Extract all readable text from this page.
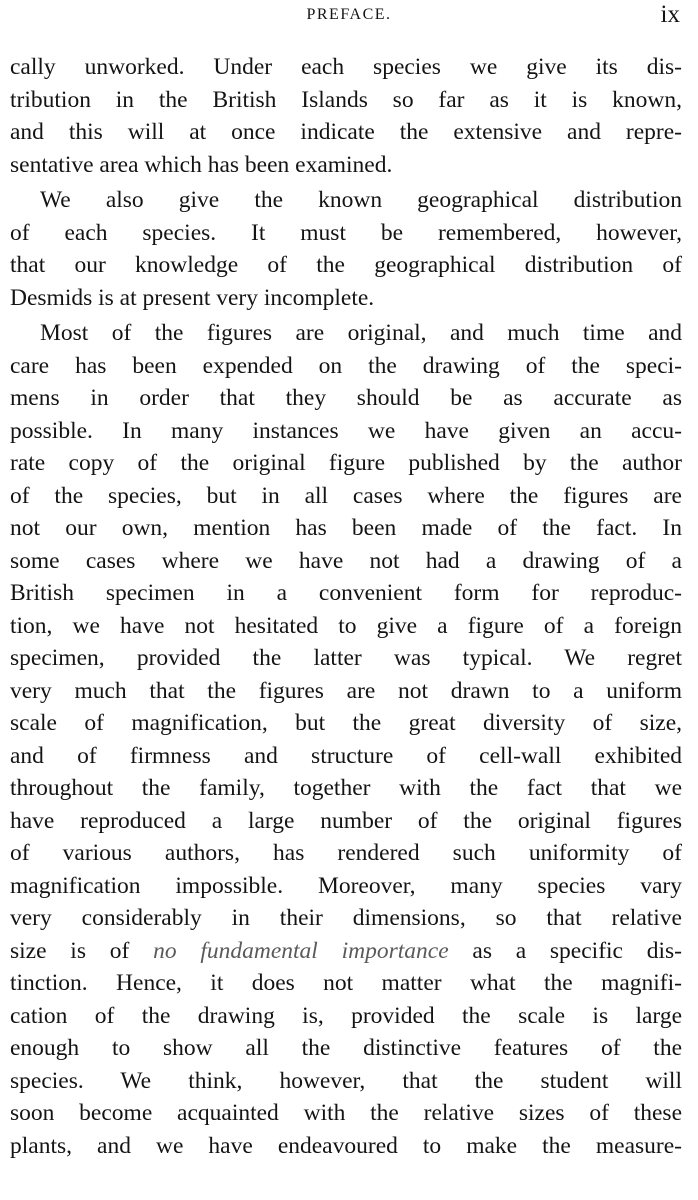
PREFACE.	ix
cally unworked. Under each species we give its dis-
tribution in the British Islands so far as it is known,
and this will at once indicate the extensive and repre-
sentative area which has been examined.
We also give the known geographical distribution
of each species. It must be remembered, however,
that our knowledge of the geographical distribution of
Desmids is at present very incomplete.
Most of the figures are original, and much time and
care has been expended on the drawing of the speci-
mens in order that they should be as accurate as
possible. In many instances we have given an accu-
rate copy of the original figure published by the author
of the species, but in all cases where the figures are
not our own, mention has been made of the fact. In
some cases where we have not had a drawing of a
British specimen in a convenient form for reproduc-
tion, we have not hesitated to give a figure of a foreign
specimen, provided the latter was typical. We regret
very much that the figures are not drawn to a uniform
scale of magnification, but the great diversity of size,
and of firmness and structure of cell-wall exhibited
throughout the family, together with the fact that we
have reproduced a large number of the original figures
of various authors, has rendered such uniformity of
magnification impossible. Moreover, many species vary
very considerably in their dimensions, so that relative
size is of no fundamental importance as a specific dis-
tinction. Hence, it does not matter what the magnifi-
cation of the drawing is, provided the scale is large
enough to show all the distinctive features of the
species. We think, however, that the student will
soon become acquainted with the relative sizes of these
plants, and we have endeavoured to make the measure-
